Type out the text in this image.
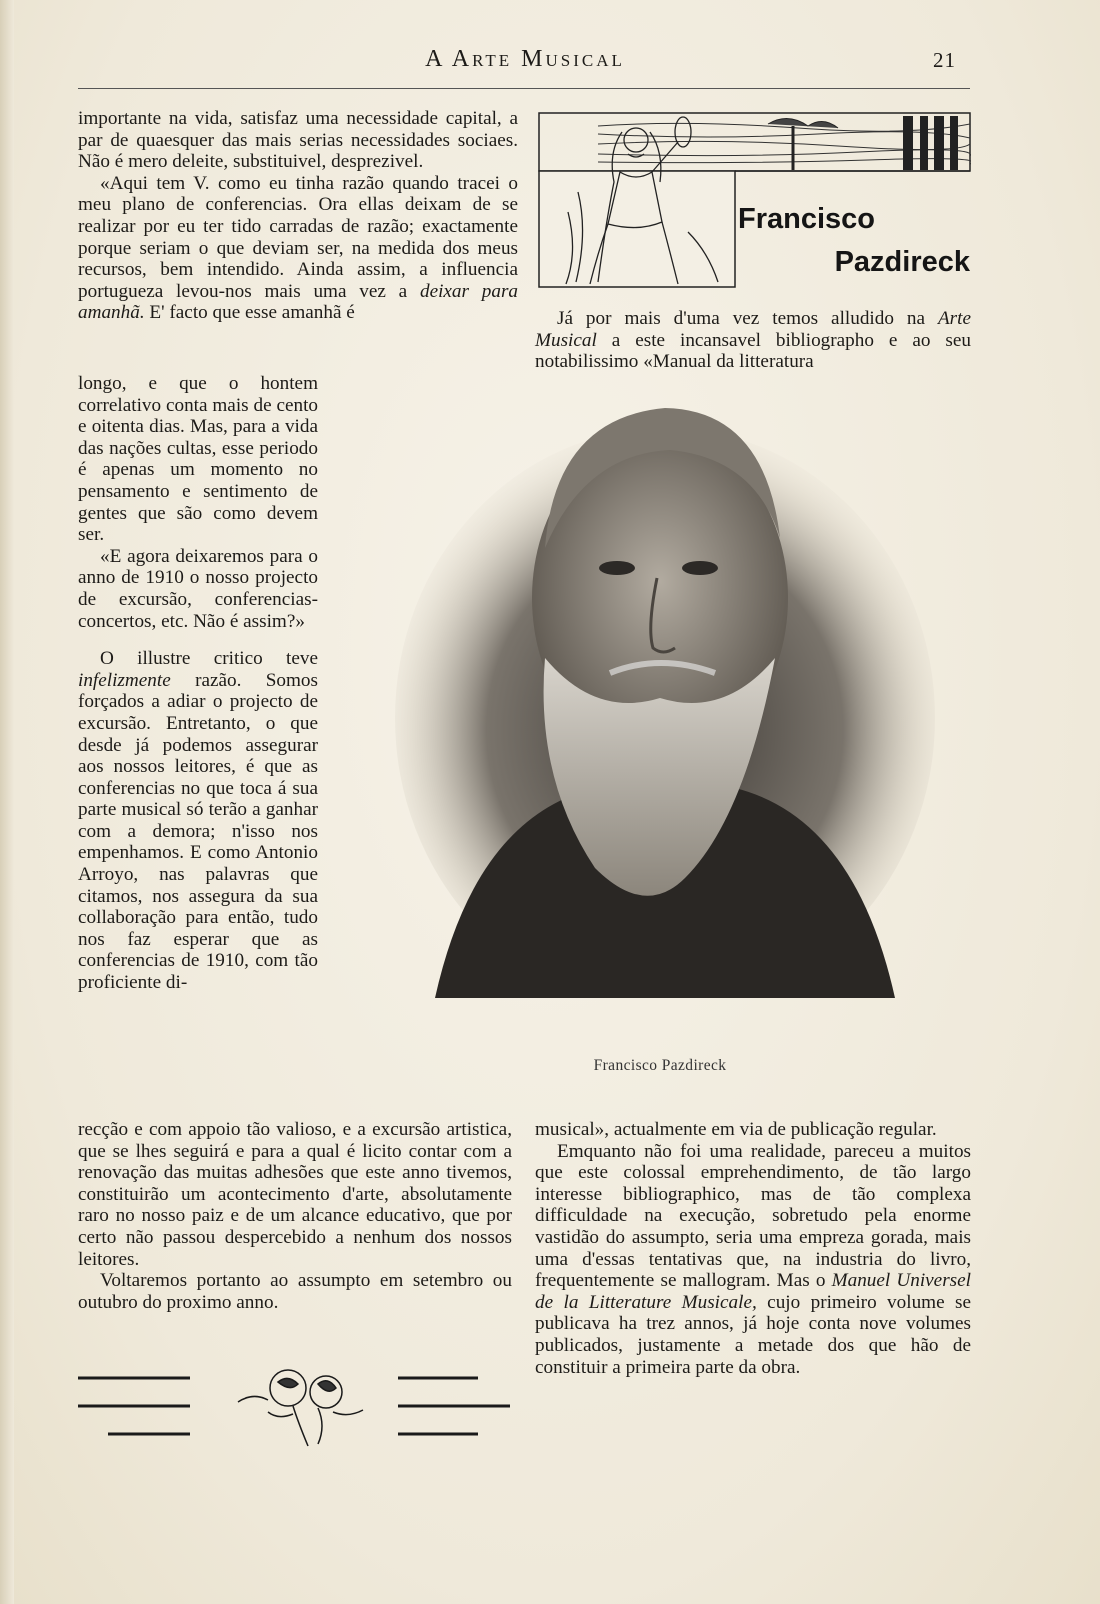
A Arte Musical	21

importante na vida, satisfaz uma necessidade capital, a par de quaesquer das mais serias necessidades sociaes. Não é mero deleite, substituivel, desprezivel.

«Aqui tem V. como eu tinha razão quando tracei o meu plano de conferencias. Ora ellas deixam de se realizar por eu ter tido carradas de razão; exactamente porque seriam o que deviam ser, na medida dos meus recursos, bem intendido. Ainda assim, a influencia portugueza levou-nos mais uma vez a deixar para amanhã. E' facto que esse amanhã é

longo, e que o hontem correlativo conta mais de cento e oitenta dias. Mas, para a vida das nações cultas, esse periodo é apenas um momento no pensamento e sentimento de gentes que são como devem ser.

«E agora deixaremos para o anno de 1910 o nosso projecto de excursão, conferencias-concertos, etc. Não é assim?»

O illustre critico teve infelizmente razão. Somos forçados a adiar o projecto de excursão. Entretanto, o que desde já podemos assegurar aos nossos leitores, é que as conferencias no que toca á sua parte musical só terão a ganhar com a demora; n'isso nos empenhamos. E como Antonio Arroyo, nas palavras que citamos, nos assegura da sua collaboração para então, tudo nos faz esperar que as conferencias de 1910, com tão proficiente di-

recção e com appoio tão valioso, e a excursão artistica, que se lhes seguirá e para a qual é licito contar com a renovação das muitas adhesões que este anno tivemos, constituirão um acontecimento d'arte, absolutamente raro no nosso paiz e de um alcance educativo, que por certo não passou despercebido a nenhum dos nossos leitores.

Voltaremos portanto ao assumpto em setembro ou outubro do proximo anno.

Francisco
Pazdireck

Já por mais d'uma vez temos alludido na Arte Musical a este incansavel bibliographo e ao seu notabilissimo «Manual da litteratura

Francisco Pazdireck

musical», actualmente em via de publicação regular.

Emquanto não foi uma realidade, pareceu a muitos que este colossal emprehendimento, de tão largo interesse bibliographico, mas de tão complexa difficuldade na execução, sobretudo pela enorme vastidão do assumpto, seria uma empreza gorada, mais uma d'essas tentativas que, na industria do livro, frequentemente se mallogram. Mas o Manuel Universel de la Litterature Musicale, cujo primeiro volume se publicava ha trez annos, já hoje conta nove volumes publicados, justamente a metade dos que hão de constituir a primeira parte da obra.
